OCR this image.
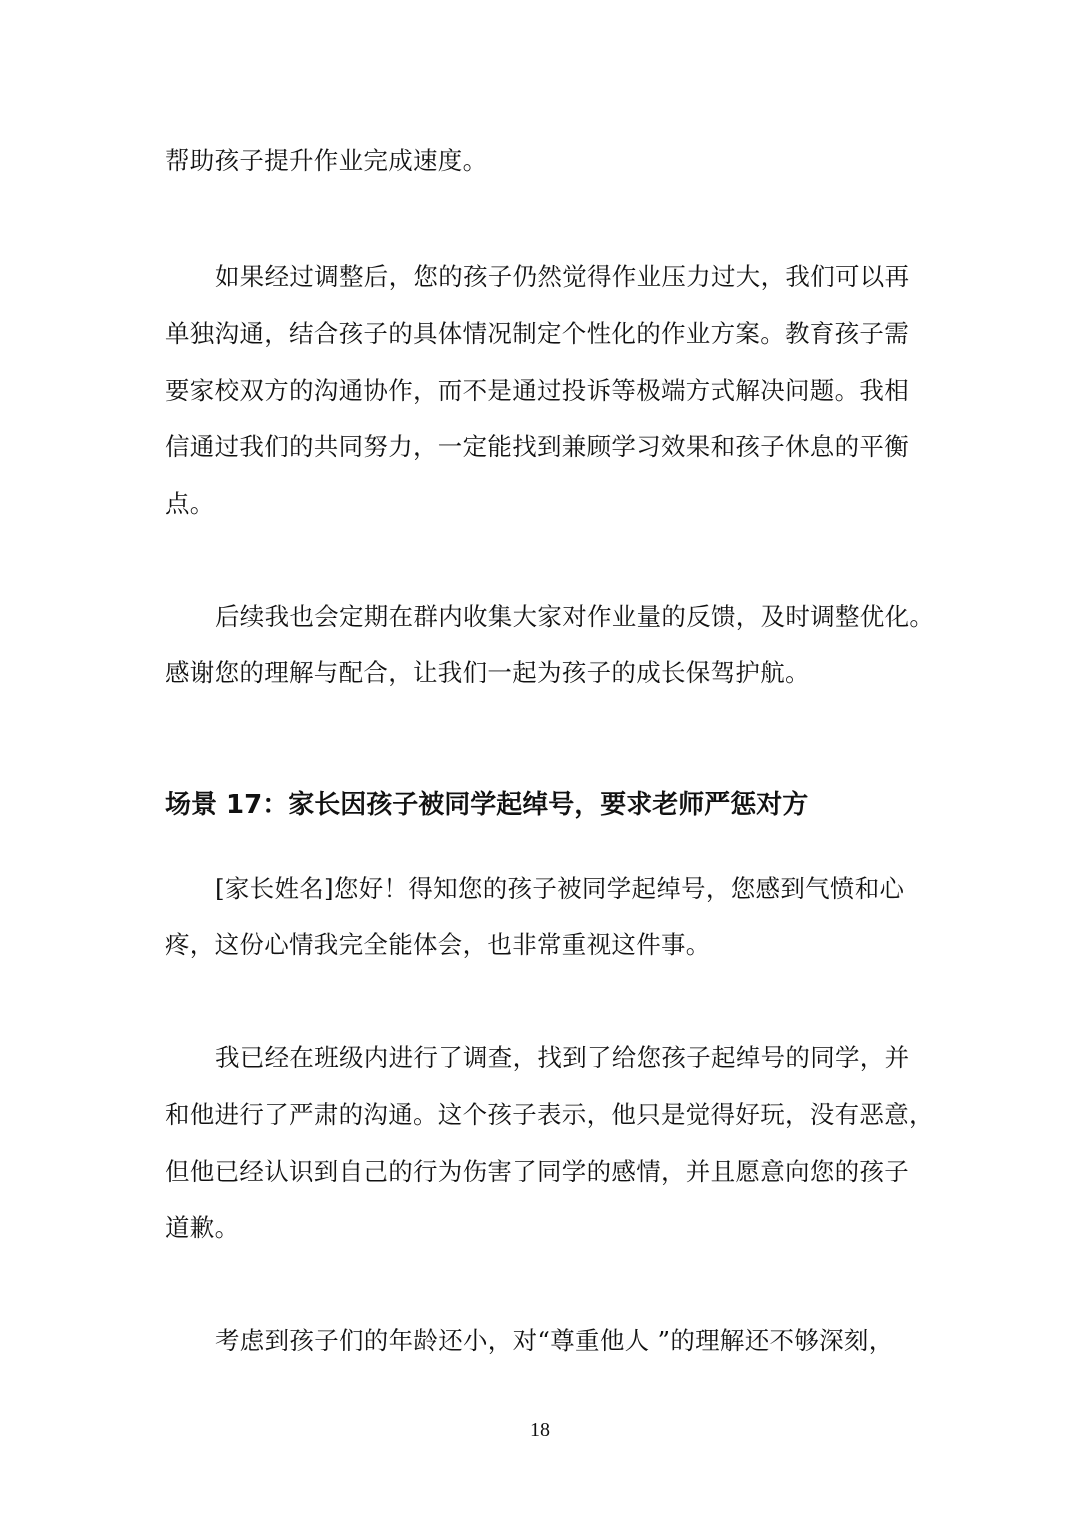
帮助孩子提升作业完成速度。
如果经过调整后，您的孩子仍然觉得作业压力过大，我们可以再
单独沟通，结合孩子的具体情况制定个性化的作业方案。教育孩子需
要家校双方的沟通协作，而不是通过投诉等极端方式解决问题。我相
信通过我们的共同努力，一定能找到兼顾学习效果和孩子休息的平衡
点。
后续我也会定期在群内收集大家对作业量的反馈，及时调整优化。
感谢您的理解与配合，让我们一起为孩子的成长保驾护航。
场景 17：家长因孩子被同学起绰号，要求老师严惩对方
[家长姓名]您好！得知您的孩子被同学起绰号，您感到气愤和心
疼，这份心情我完全能体会，也非常重视这件事。
我已经在班级内进行了调查，找到了给您孩子起绰号的同学，并
和他进行了严肃的沟通。这个孩子表示，他只是觉得好玩，没有恶意，
但他已经认识到自己的行为伤害了同学的感情，并且愿意向您的孩子
道歉。
考虑到孩子们的年龄还小，对“尊重他人 ”的理解还不够深刻，
18
